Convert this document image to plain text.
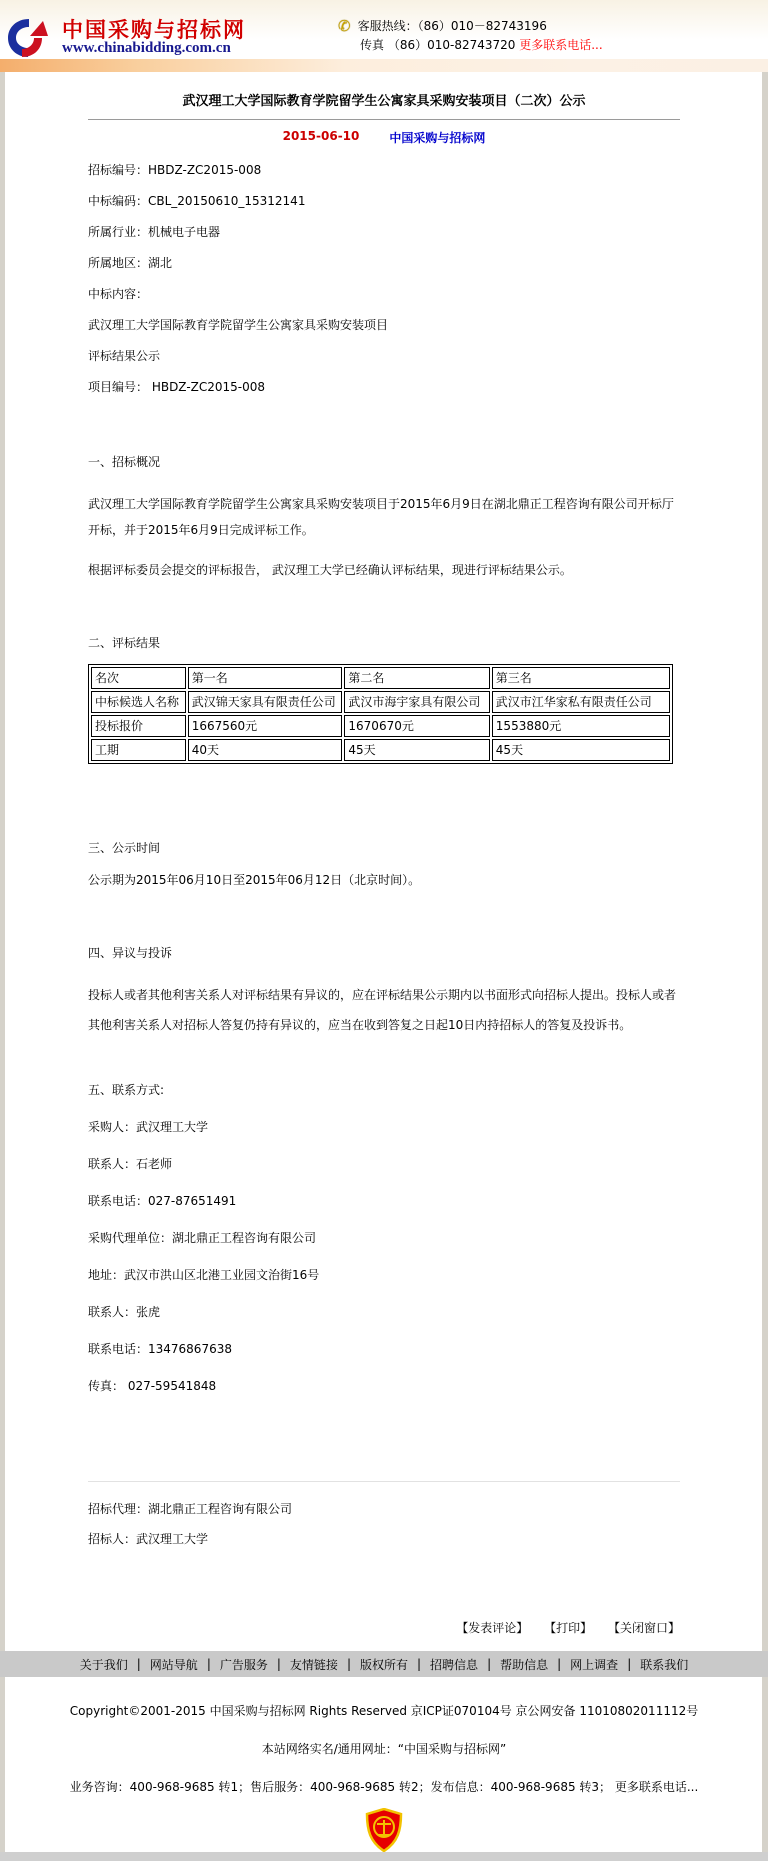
中国采购与招标网
www.chinabidding.com.cn
✆ 客服热线：（86）010－82743196
传真 （86）010-82743720 更多联系电话...

武汉理工大学国际教育学院留学生公寓家具采购安装项目（二次）公示

2015-06-10	中国采购与招标网

招标编号：HBDZ-ZC2015-008

中标编码：CBL_20150610_15312141

所属行业：机械电子电器

所属地区：湖北

中标内容：

武汉理工大学国际教育学院留学生公寓家具采购安装项目

评标结果公示

项目编号： HBDZ-ZC2015-008

一、招标概况

武汉理工大学国际教育学院留学生公寓家具采购安装项目于2015年6月9日在湖北鼎正工程咨询有限公司开标厅开标，并于2015年6月9日完成评标工作。

根据评标委员会提交的评标报告， 武汉理工大学已经确认评标结果，现进行评标结果公示。

二、评标结果

名次	第一名	第二名	第三名
中标候选人名称	武汉锦天家具有限责任公司	武汉市海宇家具有限公司	武汉市江华家私有限责任公司
投标报价	1667560元	1670670元	1553880元
工期	40天	45天	45天

三、公示时间

公示期为2015年06月10日至2015年06月12日（北京时间）。

四、异议与投诉

投标人或者其他利害关系人对评标结果有异议的，应在评标结果公示期内以书面形式向招标人提出。投标人或者其他利害关系人对招标人答复仍持有异议的，应当在收到答复之日起10日内持招标人的答复及投诉书。

五、联系方式:

采购人：武汉理工大学

联系人：石老师

联系电话：027-87651491

采购代理单位：湖北鼎正工程咨询有限公司

地址：武汉市洪山区北港工业园文治街16号

联系人：张虎

联系电话：13476867638

传真： 027-59541848

招标代理：湖北鼎正工程咨询有限公司

招标人：武汉理工大学

【发表评论】 【打印】 【关闭窗口】
关于我们 | 网站导航 | 广告服务 | 友情链接 | 版权所有 | 招聘信息 | 帮助信息 | 网上调查 | 联系我们

Copyright©2001-2015 中国采购与招标网 Rights Reserved 京ICP证070104号 京公网安备 11010802011112号

本站网络实名/通用网址：“中国采购与招标网”

业务咨询：400-968-9685 转1；售后服务：400-968-9685 转2；发布信息：400-968-9685 转3； 更多联系电话...
